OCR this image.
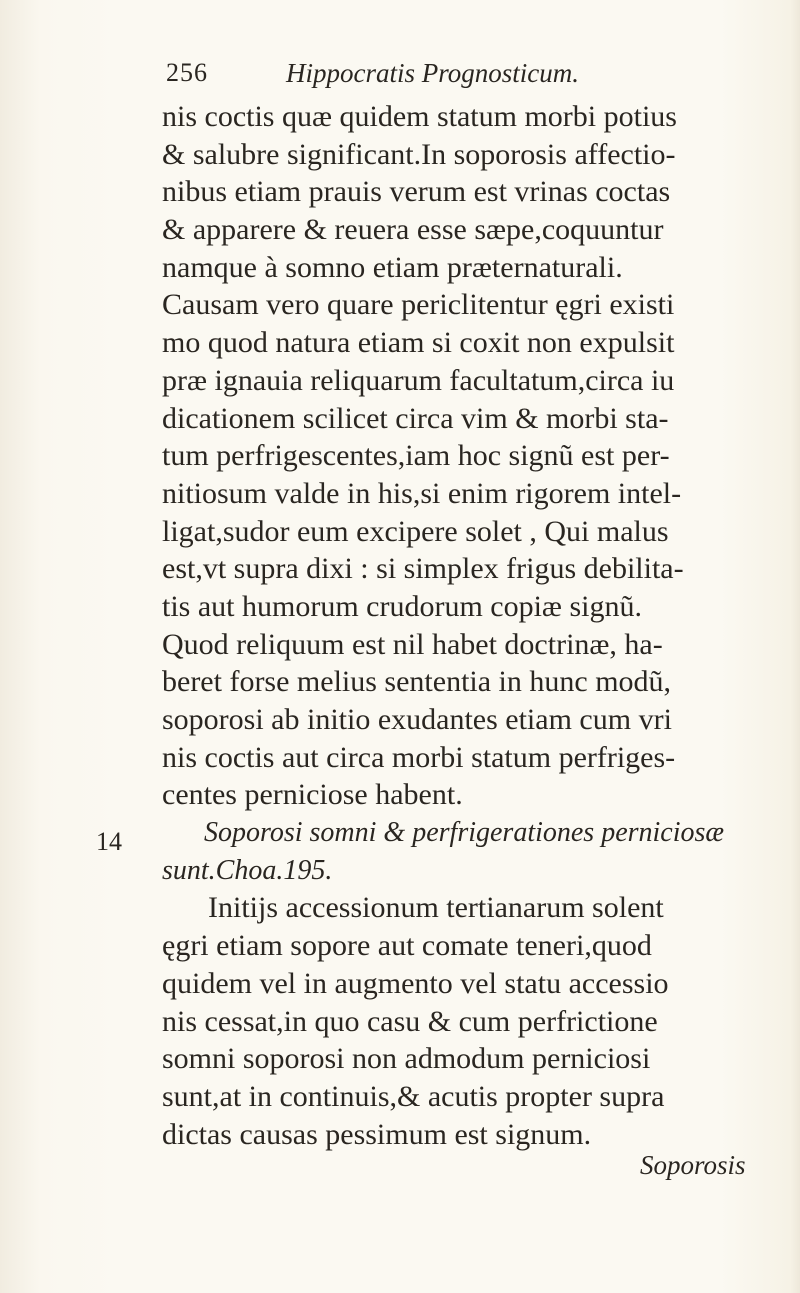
256	Hippocratis Prognosticum.
nis coctis quæ quidem statum morbi potius
& salubre significant.In soporosis affectio-
nibus etiam prauis verum est vrinas coctas
& apparere & reuera esse sæpe,coquuntur
namque à somno etiam præternaturali.
Causam vero quare periclitentur ęgri existi
mo quod natura etiam si coxit non expulsit
præ ignauia reliquarum facultatum,circa iu
dicationem scilicet circa vim & morbi sta-
tum perfrigescentes,iam hoc signũ est per-
nitiosum valde in his,si enim rigorem intel-
ligat,sudor eum excipere solet , Qui malus
est,vt supra dixi : si simplex frigus debilita-
tis aut humorum crudorum copiæ signũ.
Quod reliquum est nil habet doctrinæ, ha-
beret forse melius sententia in hunc modũ,
soporosi ab initio exudantes etiam cum vri
nis coctis aut circa morbi statum perfriges-
centes perniciose habent.
Soporosi somni & perfrigerationes perniciosæ
sunt.Choa.195.
Initijs accessionum tertianarum solent
ęgri etiam sopore aut comate teneri,quod
quidem vel in augmento vel statu accessio
nis cessat,in quo casu & cum perfrictione
somni soporosi non admodum perniciosi
sunt,at in continuis,& acutis propter supra
dictas causas pessimum est signum.
14
Soporosis
